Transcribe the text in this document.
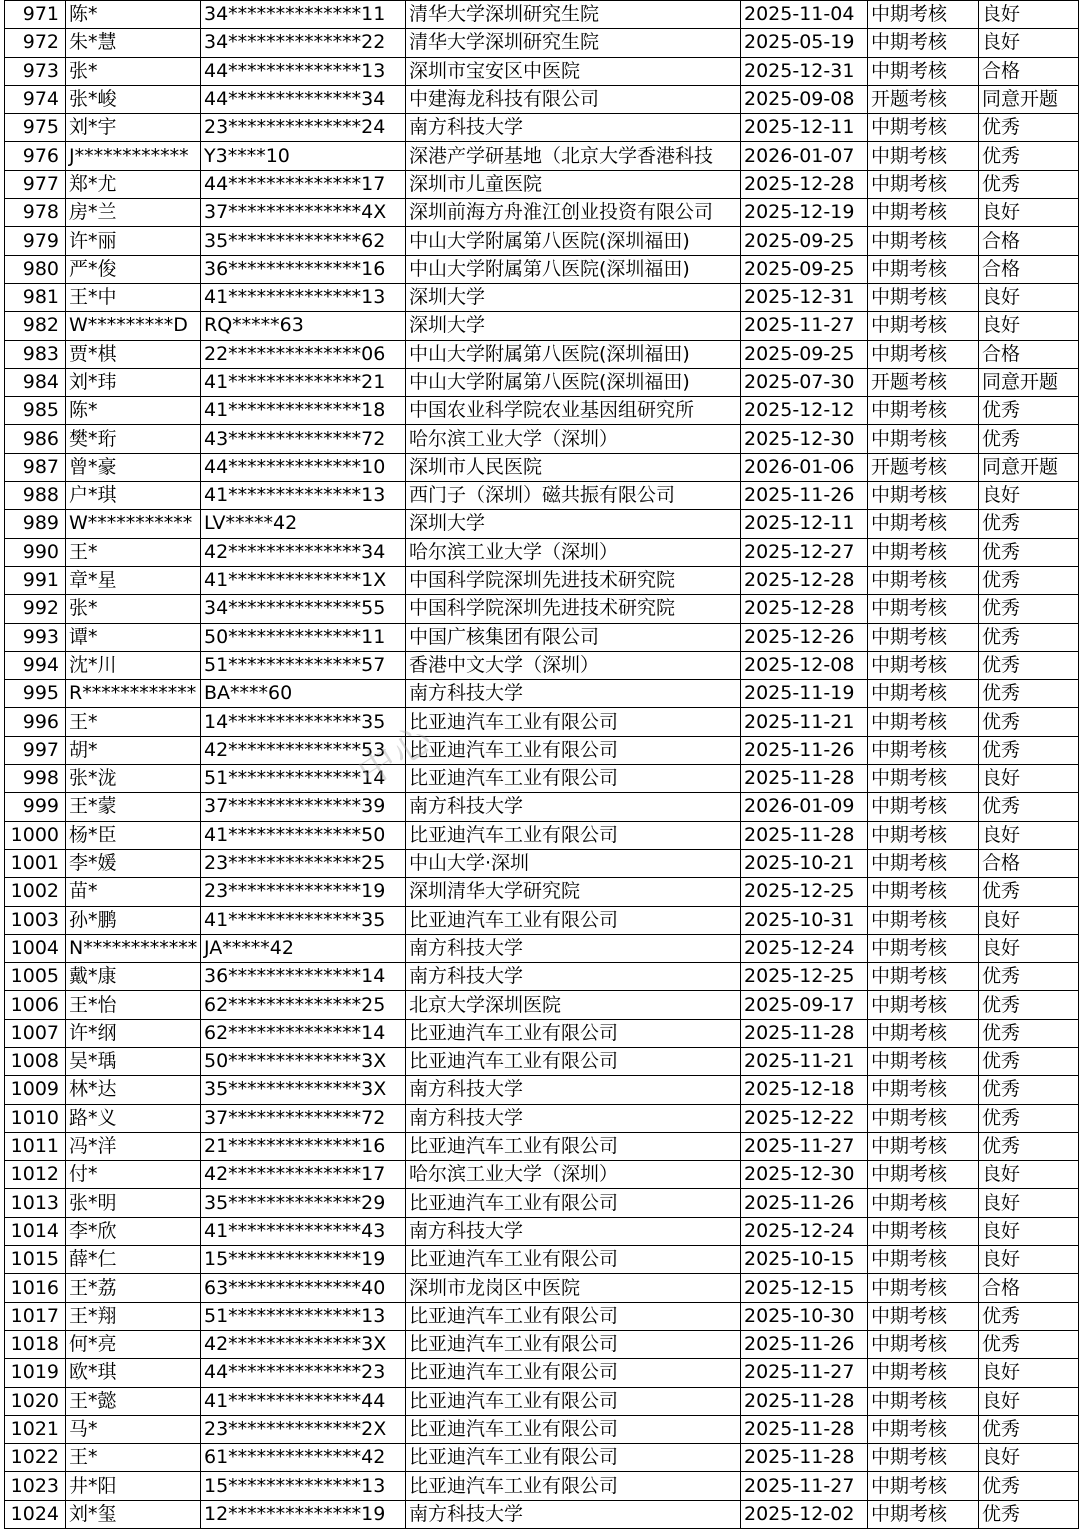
971	陈*	34**************11	清华大学深圳研究生院	2025-11-04	中期考核	良好
972	朱*慧	34**************22	清华大学深圳研究生院	2025-05-19	中期考核	良好
973	张*	44**************13	深圳市宝安区中医院	2025-12-31	中期考核	合格
974	张*峻	44**************34	中建海龙科技有限公司	2025-09-08	开题考核	同意开题
975	刘*宇	23**************24	南方科技大学	2025-12-11	中期考核	优秀
976	J************	Y3****10	深港产学研基地（北京大学香港科技	2026-01-07	中期考核	优秀
977	郑*尤	44**************17	深圳市儿童医院	2025-12-28	中期考核	优秀
978	房*兰	37**************4X	深圳前海方舟淮江创业投资有限公司	2025-12-19	中期考核	良好
979	许*丽	35**************62	中山大学附属第八医院(深圳福田)	2025-09-25	中期考核	合格
980	严*俊	36**************16	中山大学附属第八医院(深圳福田)	2025-09-25	中期考核	合格
981	王*中	41**************13	深圳大学	2025-12-31	中期考核	良好
982	W*********D	RQ*****63	深圳大学	2025-11-27	中期考核	良好
983	贾*棋	22**************06	中山大学附属第八医院(深圳福田)	2025-09-25	中期考核	合格
984	刘*玮	41**************21	中山大学附属第八医院(深圳福田)	2025-07-30	开题考核	同意开题
985	陈*	41**************18	中国农业科学院农业基因组研究所	2025-12-12	中期考核	优秀
986	樊*珩	43**************72	哈尔滨工业大学（深圳）	2025-12-30	中期考核	优秀
987	曾*豪	44**************10	深圳市人民医院	2026-01-06	开题考核	同意开题
988	户*琪	41**************13	西门子（深圳）磁共振有限公司	2025-11-26	中期考核	良好
989	W***********	LV*****42	深圳大学	2025-12-11	中期考核	优秀
990	王*	42**************34	哈尔滨工业大学（深圳）	2025-12-27	中期考核	优秀
991	章*星	41**************1X	中国科学院深圳先进技术研究院	2025-12-28	中期考核	优秀
992	张*	34**************55	中国科学院深圳先进技术研究院	2025-12-28	中期考核	优秀
993	谭*	50**************11	中国广核集团有限公司	2025-12-26	中期考核	优秀
994	沈*川	51**************57	香港中文大学（深圳）	2025-12-08	中期考核	优秀
995	R************	BA****60	南方科技大学	2025-11-19	中期考核	优秀
996	王*	14**************35	比亚迪汽车工业有限公司	2025-11-21	中期考核	优秀
997	胡*	42**************53	比亚迪汽车工业有限公司	2025-11-26	中期考核	优秀
998	张*泷	51**************14	比亚迪汽车工业有限公司	2025-11-28	中期考核	良好
999	王*蒙	37**************39	南方科技大学	2026-01-09	中期考核	优秀
1000	杨*臣	41**************50	比亚迪汽车工业有限公司	2025-11-28	中期考核	良好
1001	李*媛	23**************25	中山大学·深圳	2025-10-21	中期考核	合格
1002	苗*	23**************19	深圳清华大学研究院	2025-12-25	中期考核	优秀
1003	孙*鹏	41**************35	比亚迪汽车工业有限公司	2025-10-31	中期考核	良好
1004	N************	JA*****42	南方科技大学	2025-12-24	中期考核	良好
1005	戴*康	36**************14	南方科技大学	2025-12-25	中期考核	优秀
1006	王*怡	62**************25	北京大学深圳医院	2025-09-17	中期考核	优秀
1007	许*纲	62**************14	比亚迪汽车工业有限公司	2025-11-28	中期考核	优秀
1008	吴*瑀	50**************3X	比亚迪汽车工业有限公司	2025-11-21	中期考核	优秀
1009	林*达	35**************3X	南方科技大学	2025-12-18	中期考核	优秀
1010	路*义	37**************72	南方科技大学	2025-12-22	中期考核	优秀
1011	冯*洋	21**************16	比亚迪汽车工业有限公司	2025-11-27	中期考核	优秀
1012	付*	42**************17	哈尔滨工业大学（深圳）	2025-12-30	中期考核	良好
1013	张*明	35**************29	比亚迪汽车工业有限公司	2025-11-26	中期考核	良好
1014	李*欣	41**************43	南方科技大学	2025-12-24	中期考核	良好
1015	薛*仁	15**************19	比亚迪汽车工业有限公司	2025-10-15	中期考核	良好
1016	王*荔	63**************40	深圳市龙岗区中医院	2025-12-15	中期考核	合格
1017	王*翔	51**************13	比亚迪汽车工业有限公司	2025-10-30	中期考核	优秀
1018	何*亮	42**************3X	比亚迪汽车工业有限公司	2025-11-26	中期考核	优秀
1019	欧*琪	44**************23	比亚迪汽车工业有限公司	2025-11-27	中期考核	良好
1020	王*懿	41**************44	比亚迪汽车工业有限公司	2025-11-28	中期考核	良好
1021	马*	23**************2X	比亚迪汽车工业有限公司	2025-11-28	中期考核	优秀
1022	王*	61**************42	比亚迪汽车工业有限公司	2025-11-28	中期考核	良好
1023	井*阳	15**************13	比亚迪汽车工业有限公司	2025-11-27	中期考核	优秀
1024	刘*玺	12**************19	南方科技大学	2025-12-02	中期考核	优秀
中心
